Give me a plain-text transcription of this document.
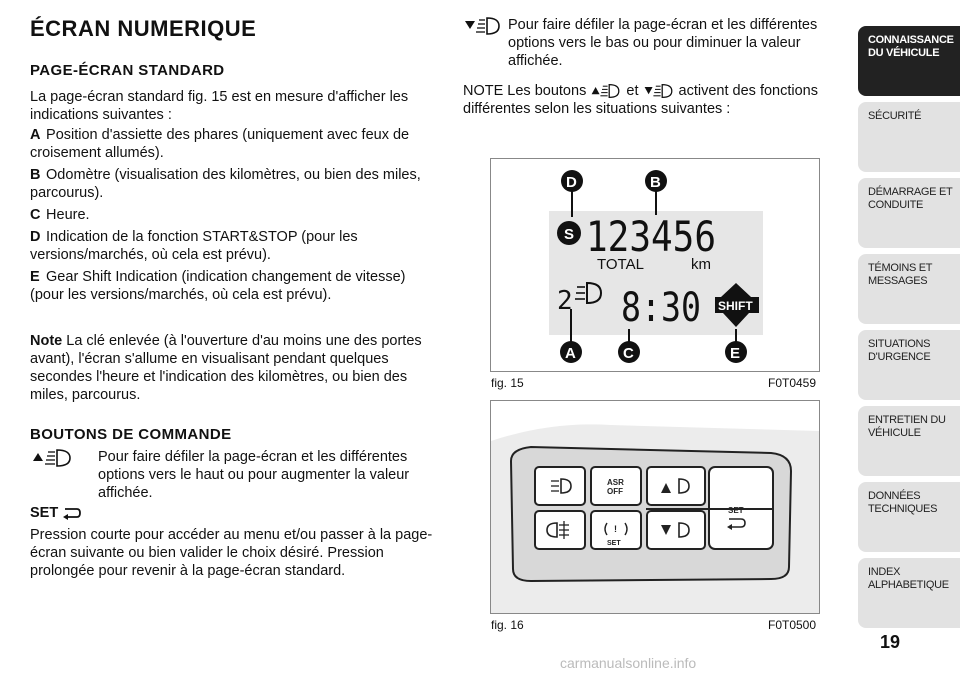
ÉCRAN NUMERIQUE
PAGE-ÉCRAN STANDARD
La page-écran standard fig. 15 est en mesure d'afficher les indications suivantes :
A Position d'assiette des phares (uniquement avec feux de croisement allumés).
B Odomètre (visualisation des kilomètres, ou bien des miles, parcourus).
C Heure.
D Indication de la fonction START&STOP (pour les versions/marchés, où cela est prévu).
E Gear Shift Indication (indication changement de vitesse) (pour les versions/marchés, où cela est prévu).
Note La clé enlevée (à l'ouverture d'au moins une des portes avant), l'écran s'allume en visualisant pendant quelques secondes l'heure et l'indication des kilomètres, ou bien des miles, parcourus.
BOUTONS DE COMMANDE
Pour faire défiler la page-écran et les différentes options vers le haut ou pour augmenter la valeur affichée.
SET
Pression courte pour accéder au menu et/ou passer à la page-écran suivante ou bien valider le choix désiré. Pression prolongée pour revenir à la page-écran standard.
Pour faire défiler la page-écran et les différentes options vers le bas ou pour diminuer la valeur affichée.
NOTE Les boutons	et	activent des fonctions différentes selon les situations suivantes :
123456
TOTAL	km
S
2 8:30 SHIFT
D	B
A	C	E
fig. 15	F0T0459
ASR
OFF
!
SET
SET
fig. 16	F0T0500
CONNAISSANCE DU VÉHICULE
SÉCURITÉ
DÉMARRAGE ET CONDUITE
TÉMOINS ET MESSAGES
SITUATIONS D'URGENCE
ENTRETIEN DU VÉHICULE
DONNÉES TECHNIQUES
INDEX ALPHABETIQUE
19
carmanualsonline.info
